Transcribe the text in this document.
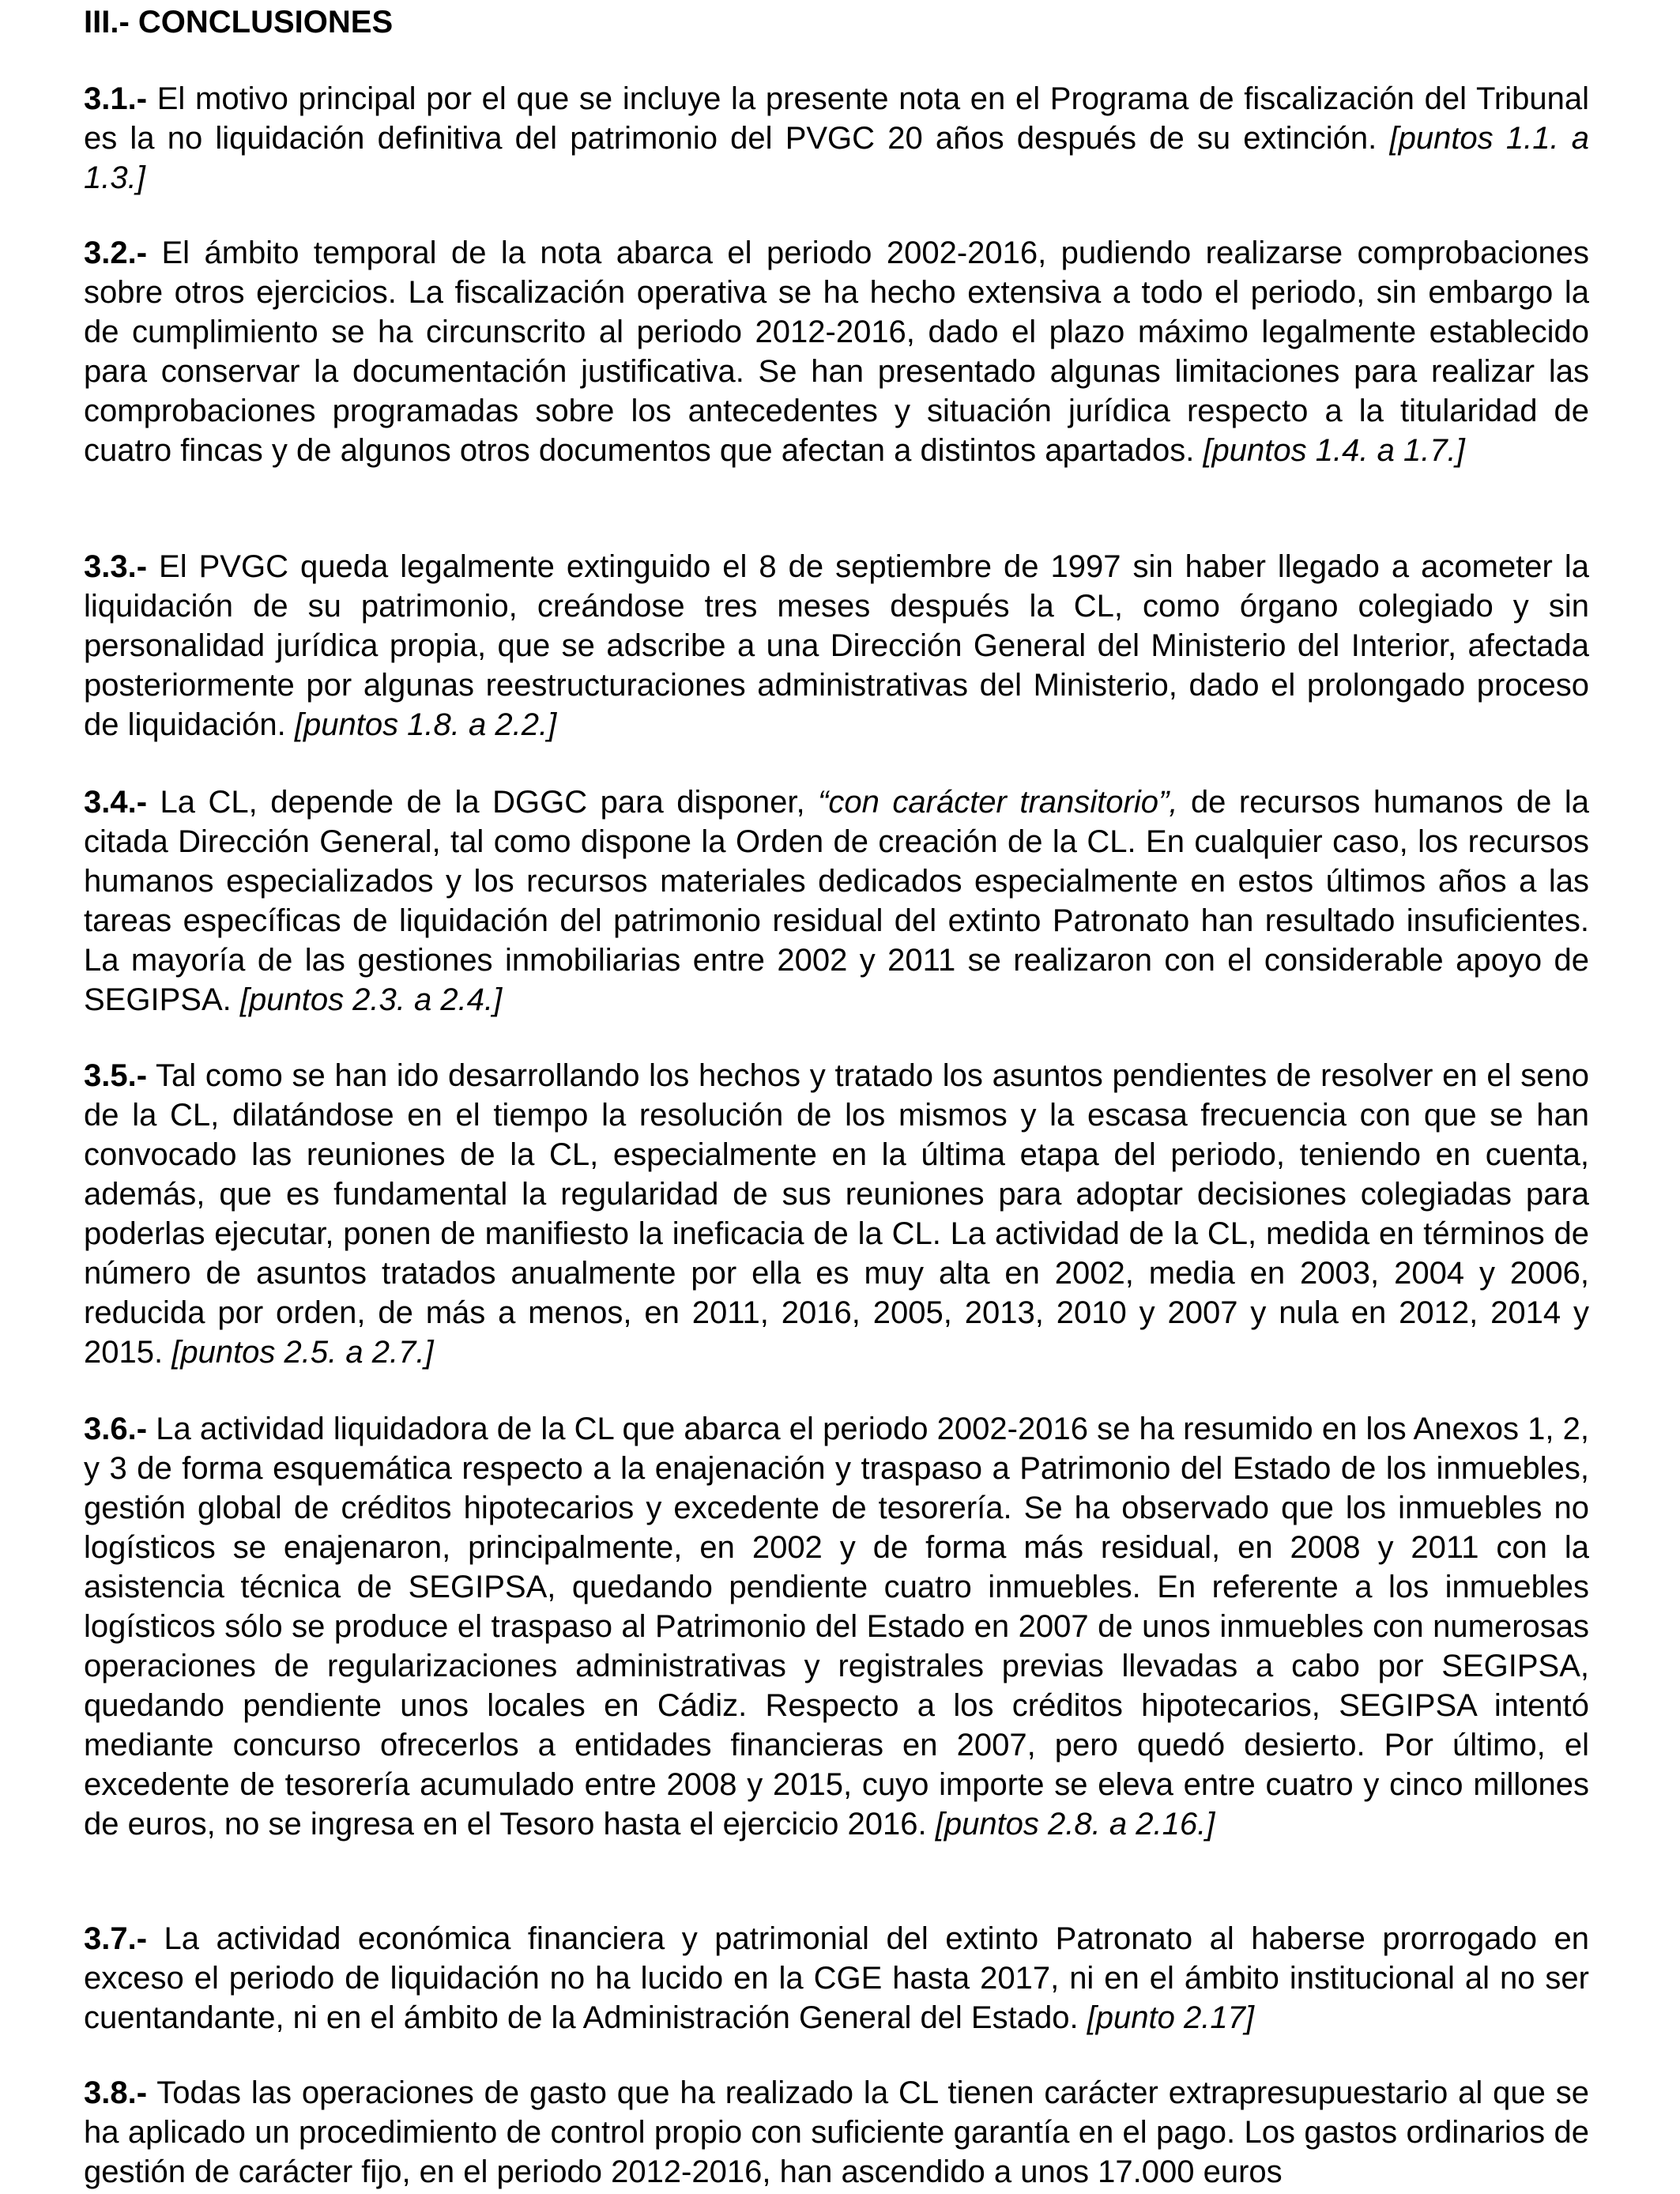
III.- CONCLUSIONES

3.1.- El motivo principal por el que se incluye la presente nota en el Programa de fiscalización del Tribunal es la no liquidación definitiva del patrimonio del PVGC 20 años después de su extinción. [puntos 1.1. a 1.3.]

3.2.- El ámbito temporal de la nota abarca el periodo 2002-2016, pudiendo realizarse comprobaciones sobre otros ejercicios. La fiscalización operativa se ha hecho extensiva a todo el periodo, sin embargo la de cumplimiento se ha circunscrito al periodo 2012-2016, dado el plazo máximo legalmente establecido para conservar la documentación justificativa. Se han presentado algunas limitaciones para realizar las comprobaciones programadas sobre los antecedentes y situación jurídica respecto a la titularidad de cuatro fincas y de algunos otros documentos que afectan a distintos apartados. [puntos 1.4. a 1.7.]

3.3.- El PVGC queda legalmente extinguido el 8 de septiembre de 1997 sin haber llegado a acometer la liquidación de su patrimonio, creándose tres meses después la CL, como órgano colegiado y sin personalidad jurídica propia, que se adscribe a una Dirección General del Ministerio del Interior, afectada posteriormente por algunas reestructuraciones administrativas del Ministerio, dado el prolongado proceso de liquidación. [puntos 1.8. a 2.2.]

3.4.- La CL, depende de la DGGC para disponer, “con carácter transitorio”, de recursos humanos de la citada Dirección General, tal como dispone la Orden de creación de la CL. En cualquier caso, los recursos humanos especializados y los recursos materiales dedicados especialmente en estos últimos años a las tareas específicas de liquidación del patrimonio residual del extinto Patronato han resultado insuficientes. La mayoría de las gestiones inmobiliarias entre 2002 y 2011 se realizaron con el considerable apoyo de SEGIPSA. [puntos 2.3. a 2.4.]

3.5.- Tal como se han ido desarrollando los hechos y tratado los asuntos pendientes de resolver en el seno de la CL, dilatándose en el tiempo la resolución de los mismos y la escasa frecuencia con que se han convocado las reuniones de la CL, especialmente en la última etapa del periodo, teniendo en cuenta, además, que es fundamental la regularidad de sus reuniones para adoptar decisiones colegiadas para poderlas ejecutar, ponen de manifiesto la ineficacia de la CL. La actividad de la CL, medida en términos de número de asuntos tratados anualmente por ella es muy alta en 2002, media en 2003, 2004 y 2006, reducida por orden, de más a menos, en 2011, 2016, 2005, 2013, 2010 y 2007 y nula en 2012, 2014 y 2015. [puntos 2.5. a 2.7.]

3.6.- La actividad liquidadora de la CL que abarca el periodo 2002-2016 se ha resumido en los Anexos 1, 2, y 3 de forma esquemática respecto a la enajenación y traspaso a Patrimonio del Estado de los inmuebles, gestión global de créditos hipotecarios y excedente de tesorería. Se ha observado que los inmuebles no logísticos se enajenaron, principalmente, en 2002 y de forma más residual, en 2008 y 2011 con la asistencia técnica de SEGIPSA, quedando pendiente cuatro inmuebles. En referente a los inmuebles logísticos sólo se produce el traspaso al Patrimonio del Estado en 2007 de unos inmuebles con numerosas operaciones de regularizaciones administrativas y registrales previas llevadas a cabo por SEGIPSA, quedando pendiente unos locales en Cádiz. Respecto a los créditos hipotecarios, SEGIPSA intentó mediante concurso ofrecerlos a entidades financieras en 2007, pero quedó desierto. Por último, el excedente de tesorería acumulado entre 2008 y 2015, cuyo importe se eleva entre cuatro y cinco millones de euros, no se ingresa en el Tesoro hasta el ejercicio 2016. [puntos 2.8. a 2.16.]

3.7.- La actividad económica financiera y patrimonial del extinto Patronato al haberse prorrogado en exceso el periodo de liquidación no ha lucido en la CGE hasta 2017, ni en el ámbito institucional al no ser cuentandante, ni en el ámbito de la Administración General del Estado. [punto 2.17]

3.8.- Todas las operaciones de gasto que ha realizado la CL tienen carácter extrapresupuestario al que se ha aplicado un procedimiento de control propio con suficiente garantía en el pago. Los gastos ordinarios de gestión de carácter fijo, en el periodo 2012-2016, han ascendido a unos 17.000 euros
